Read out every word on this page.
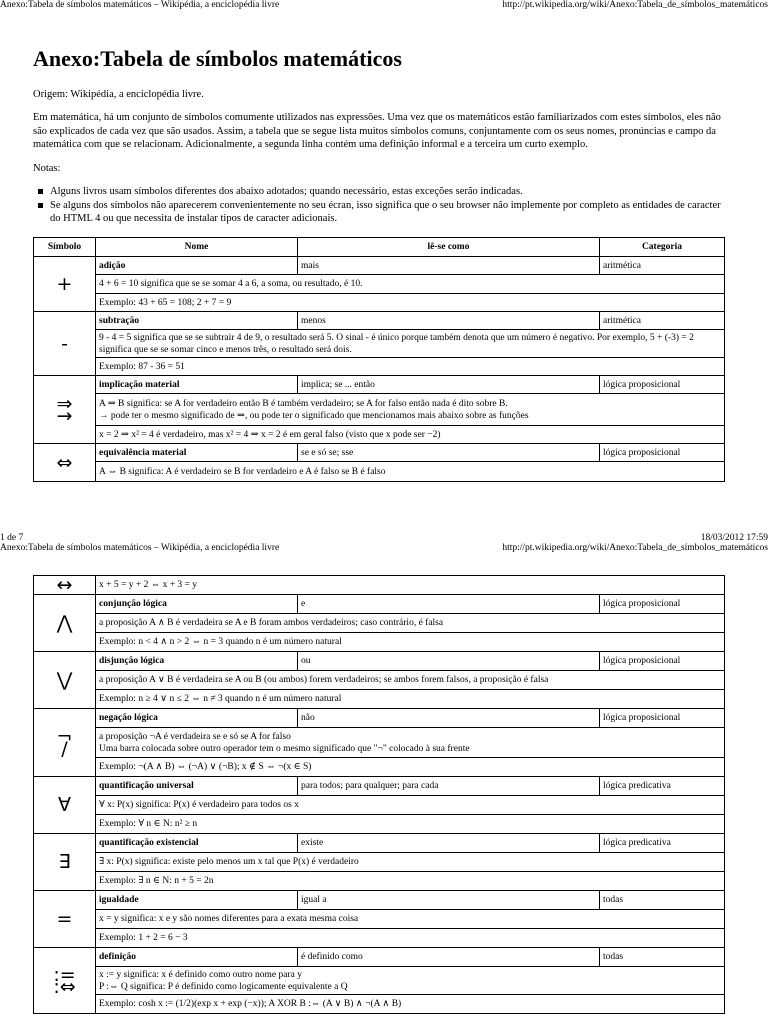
Anexo:Tabela de símbolos matemáticos – Wikipédia, a enciclopédia livre	http://pt.wikipedia.org/wiki/Anexo:Tabela_de_símbolos_matemáticos
Anexo:Tabela de símbolos matemáticos

Origem: Wikipédia, a enciclopédia livre.

Em matemática, há um conjunto de símbolos comumente utilizados nas expressões. Uma vez que os matemáticos estão familiarizados com estes símbolos, eles não são explicados de cada vez que são usados. Assim, a tabela que se segue lista muitos símbolos comuns, conjuntamente com os seus nomes, pronúncias e campo da matemática com que se relacionam. Adicionalmente, a segunda linha contém uma definição informal e a terceira um curto exemplo.

Notas:

Alguns livros usam símbolos diferentes dos abaixo adotados; quando necessário, estas exceções serão indicadas.
Se alguns dos símbolos não aparecerem convenientemente no seu écran, isso significa que o seu browser não implemente por completo as entidades de caracter do HTML 4 ou que necessita de instalar tipos de caracter adicionais.
Símbolo	Nome	lê-se como	Categoria
+	adição	mais	aritmética
	4 + 6 = 10 significa que se se somar 4 a 6, a soma, ou resultado, é 10.		
	Exemplo: 43 + 65 = 108; 2 + 7 = 9		
-	subtração	menos	aritmética
	9 - 4 = 5 significa que se se subtrair 4 de 9, o resultado será 5. O sinal - é único porque também denota que um número é negativo. Por exemplo, 5 + (-3) = 2 significa que se se somar cinco e menos três, o resultado será dois.		
	Exemplo: 87 - 36 = 51		
⇒
→	implicação material	implica; se ... então	lógica proposicional
	A ⇒ B significa: se A for verdadeiro então B é também verdadeiro; se A for falso então nada é dito sobre B.
→ pode ter o mesmo significado de ⇒, ou pode ter o significado que mencionamos mais abaixo sobre as funções		
	x = 2 ⇒ x² = 4 é verdadeiro, mas x² = 4 ⇒ x = 2 é em geral falso (visto que x pode ser −2)		
⇔	equivalência material	se e só se; sse	lógica proposicional
	A ⇔ B significa: A é verdadeiro se B for verdadeiro e A é falso se B é falso		
1 de 7	18/03/2012 17:59
Anexo:Tabela de símbolos matemáticos – Wikipédia, a enciclopédia livre	http://pt.wikipedia.org/wiki/Anexo:Tabela_de_símbolos_matemáticos
↔	x + 5 = y + 2 ⇔ x + 3 = y		
⋀	conjunção lógica	e	lógica proposicional
	a proposição A ∧ B é verdadeira se A e B foram ambos verdadeiros; caso contrário, é falsa		
	Exemplo: n < 4 ∧ n > 2 ⇔ n = 3 quando n é um número natural		
⋁	disjunção lógica	ou	lógica proposicional
	a proposição A ∨ B é verdadeira se A ou B (ou ambos) forem verdadeiros; se ambos forem falsos, a proposição é falsa		
	Exemplo: n ≥ 4 ∨ n ≤ 2 ⇔ n ≠ 3 quando n é um número natural		
¬
/	negação lógica	não	lógica proposicional
	a proposição ¬A é verdadeira se e só se A for falso
Uma barra colocada sobre outro operador tem o mesmo significado que "¬" colocado à sua frente		
	Exemplo: ¬(A ∧ B) ⇔ (¬A) ∨ (¬B); x ∉ S ⇔ ¬(x ∈ S)		
∀	quantificação universal	para todos; para qualquer; para cada	lógica predicativa
	∀ x: P(x) significa: P(x) é verdadeiro para todos os x		
	Exemplo: ∀ n ∈ N: n² ≥ n		
∃	quantificação existencial	existe	lógica predicativa
	∃ x: P(x) significa: existe pelo menos um x tal que P(x) é verdadeiro		
	Exemplo: ∃ n ∈ N: n + 5 = 2n		
=	igualdade	igual a	todas
	x = y significa: x e y são nomes diferentes para a exata mesma coisa		
	Exemplo: 1 + 2 = 6 − 3		
:=
:⇔	definição	é definido como	todas
	x := y significa: x é definido como outro nome para y
P :⇔ Q significa: P é definido como logicamente equivalente a Q		
	Exemplo: cosh x := (1/2)(exp x + exp (−x)); A XOR B :⇔ (A ∨ B) ∧ ¬(A ∧ B)		
